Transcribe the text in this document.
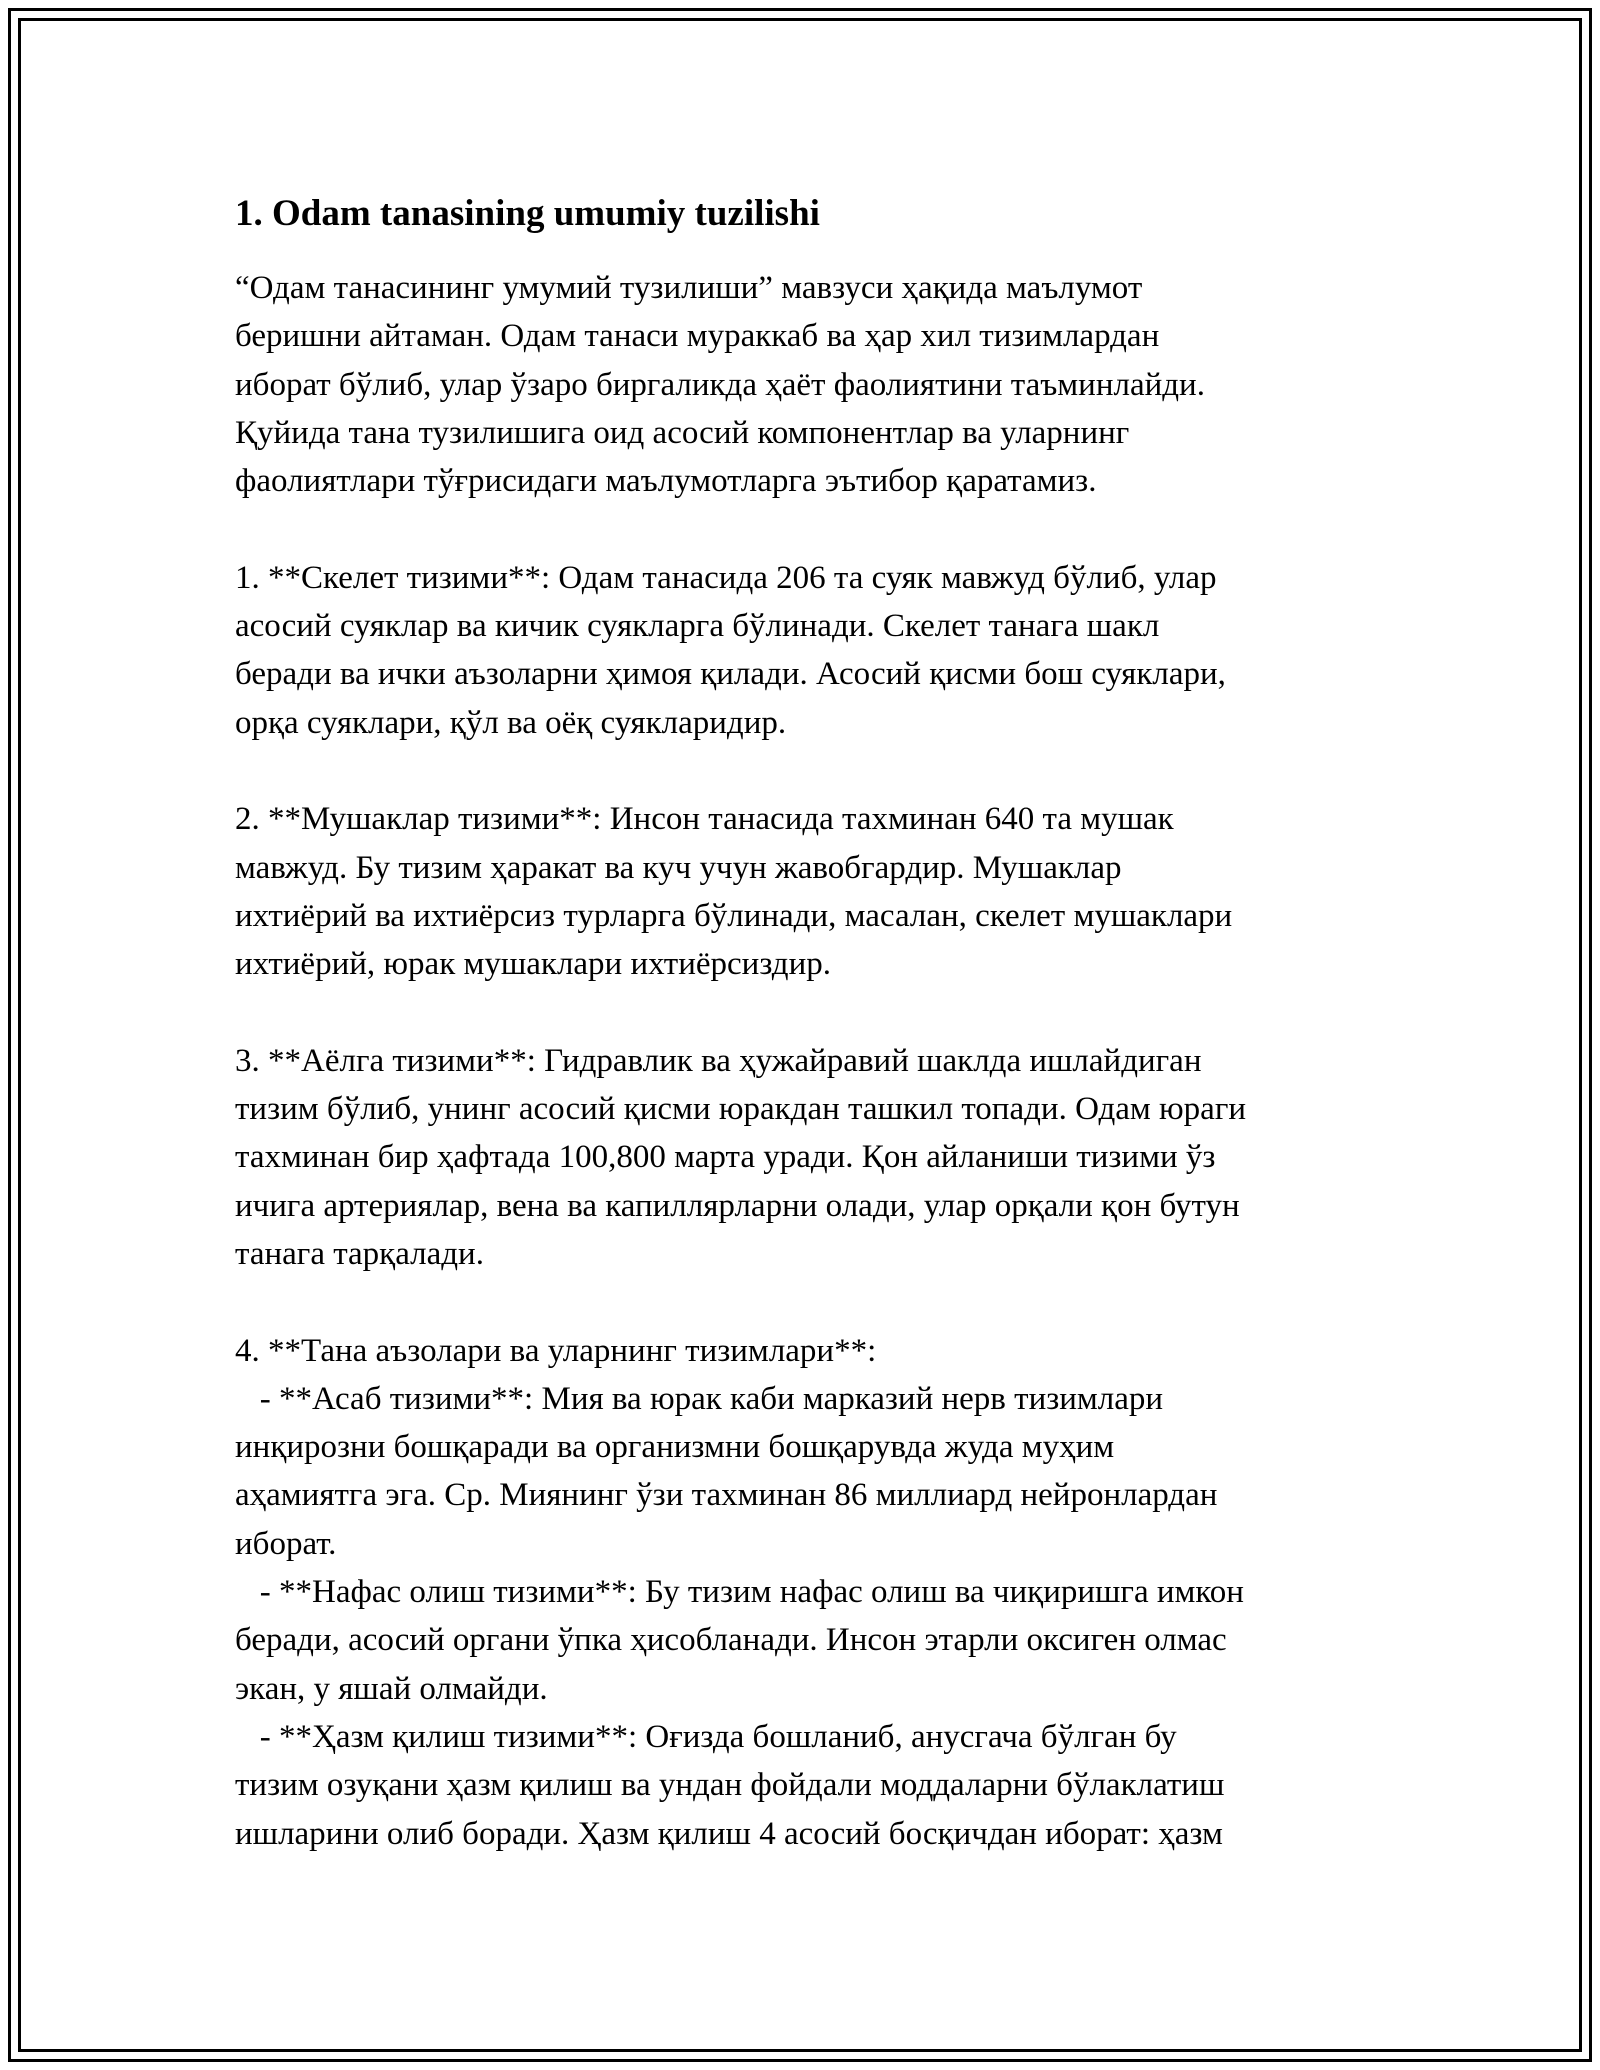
1. Odam tanasining umumiy tuzilishi
“Одам танасининг умумий тузилиши” мавзуси ҳақида маълумот
беришни айтаман. Одам танаси мураккаб ва ҳар хил тизимлардан
иборат бўлиб, улар ўзаро биргаликда ҳаёт фаолиятини таъминлайди.
Қуйида тана тузилишига оид асосий компонентлар ва уларнинг
фаолиятлари тўғрисидаги маълумотларга эътибор қаратамиз.
1. **Скелет тизими**: Одам танасида 206 та суяк мавжуд бўлиб, улар
асосий суяклар ва кичик суякларга бўлинади. Скелет танага шакл
беради ва ички аъзоларни ҳимоя қилади. Асосий қисми бош суяклари,
орқа суяклари, қўл ва оёқ суякларидир.
2. **Мушаклар тизими**: Инсон танасида тахминан 640 та мушак
мавжуд. Бу тизим ҳаракат ва куч учун жавобгардир. Мушаклар
ихтиёрий ва ихтиёрсиз турларга бўлинади, масалан, скелет мушаклари
ихтиёрий, юрак мушаклари ихтиёрсиздир.
3. **Аёлга тизими**: Гидравлик ва ҳужайравий шаклда ишлайдиган
тизим бўлиб, унинг асосий қисми юракдан ташкил топади. Одам юраги
тахминан бир ҳафтада 100,800 марта уради. Қон айланиши тизими ўз
ичига артериялар, вена ва капиллярларни олади, улар орқали қон бутун
танага тарқалади.
4. **Тана аъзолари ва уларнинг тизимлари**:
- **Асаб тизими**: Мия ва юрак каби марказий нерв тизимлари
инқирозни бошқаради ва организмни бошқарувда жуда муҳим
аҳамиятга эга. Ср. Миянинг ўзи тахминан 86 миллиард нейронлардан
иборат.
- **Нафас олиш тизими**: Бу тизим нафас олиш ва чиқиришга имкон
беради, асосий органи ўпка ҳисобланади. Инсон этарли оксиген олмас
экан, у яшай олмайди.
- **Ҳазм қилиш тизими**: Оғизда бошланиб, анусгача бўлган бу
тизим озуқани ҳазм қилиш ва ундан фойдали моддаларни бўлаклатиш
ишларини олиб боради. Ҳазм қилиш 4 асосий босқичдан иборат: ҳазм
